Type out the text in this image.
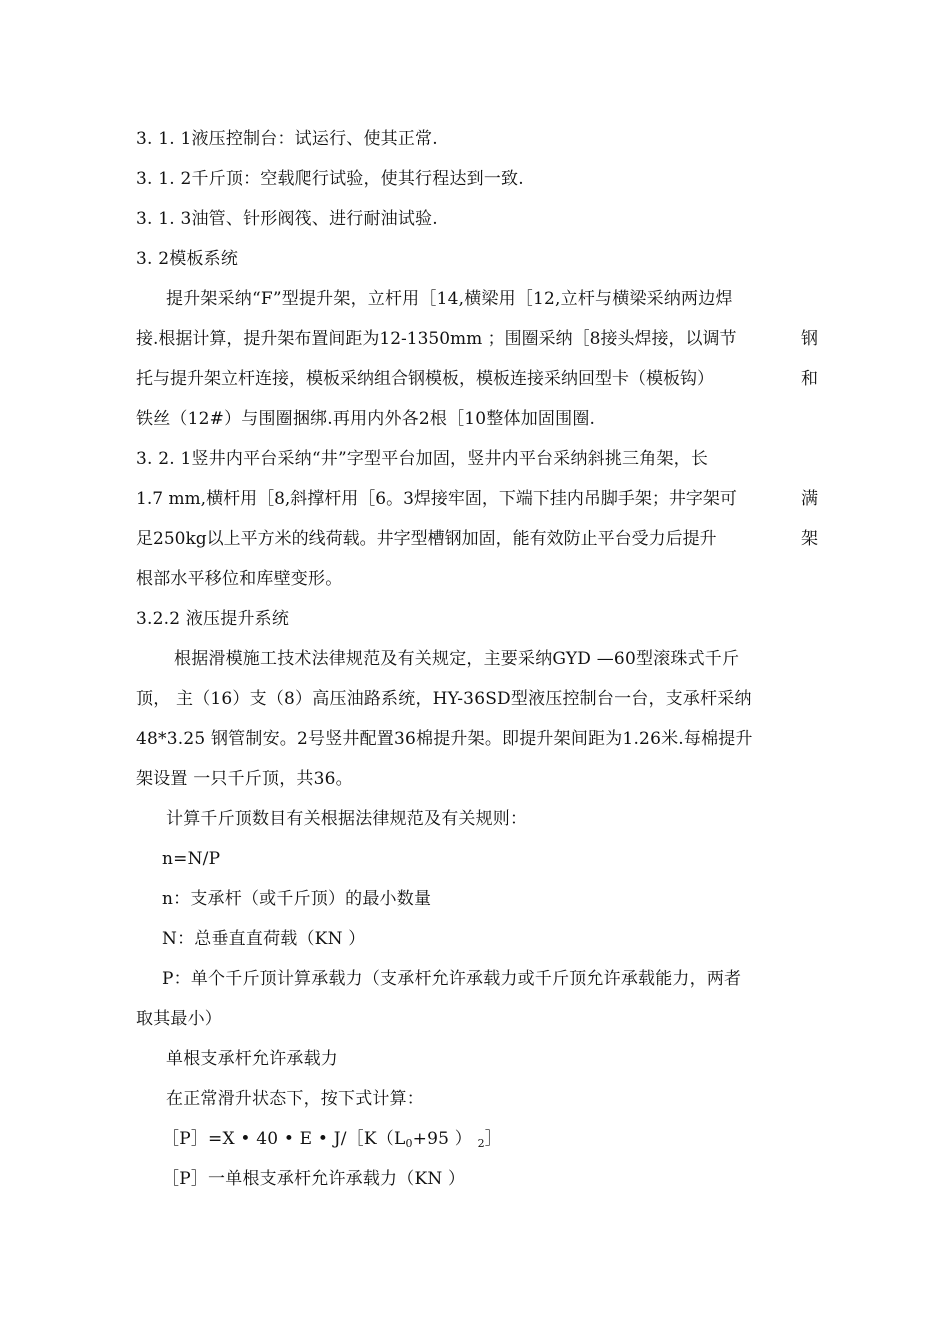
3. 1. 1液压控制台：试运行、使其正常.
3. 1. 2千斤顶：空载爬行试验，使其行程达到一致.
3. 1. 3油管、针形阀筏、进行耐油试验.
3. 2模板系统
提升架采纳“F”型提升架，立杆用［14,横梁用［12,立杆与横梁采纳两边焊
接.根据计算，提升架布置间距为12-1350mm ；围圈采纳［8接头焊接，以调节	钢
托与提升架立杆连接，模板采纳组合钢模板，模板连接采纳回型卡（模板钩）	和
铁丝（12#）与围圈捆绑.再用内外各2根［10整体加固围圈.
3. 2. 1竖井内平台采纳“井”字型平台加固，竖井内平台采纳斜挑三角架，长
1.7 mm,横杆用［8,斜撑杆用［6。3焊接牢固，下端下挂内吊脚手架；井字架可	满
足250kg以上平方米的线荷载。井字型槽钢加固，能有效防止平台受力后提升	架
根部水平移位和库壁变形。
3.2.2 液压提升系统
根据滑模施工技术法律规范及有关规定，主要采纳GYD —60型滚珠式千斤
顶， 主（16）支（8）高压油路系统，HY-36SD型液压控制台一台，支承杆采纳
48*3.25 钢管制安。2号竖井配置36棉提升架。即提升架间距为1.26米.每棉提升
架设置 一只千斤顶，共36。
计算千斤顶数目有关根据法律规范及有关规则：
n=N/P
n：支承杆（或千斤顶）的最小数量
N：总垂直直荷载（KN ）
P：单个千斤顶计算承载力（支承杆允许承载力或千斤顶允许承载能力，两者
取其最小）
单根支承杆允许承载力
在正常滑升状态下，按下式计算：
［P］=X • 40 • E • $J/[K(L_0+95$ ） $_2$］
［P］一单根支承杆允许承载力（KN ）
